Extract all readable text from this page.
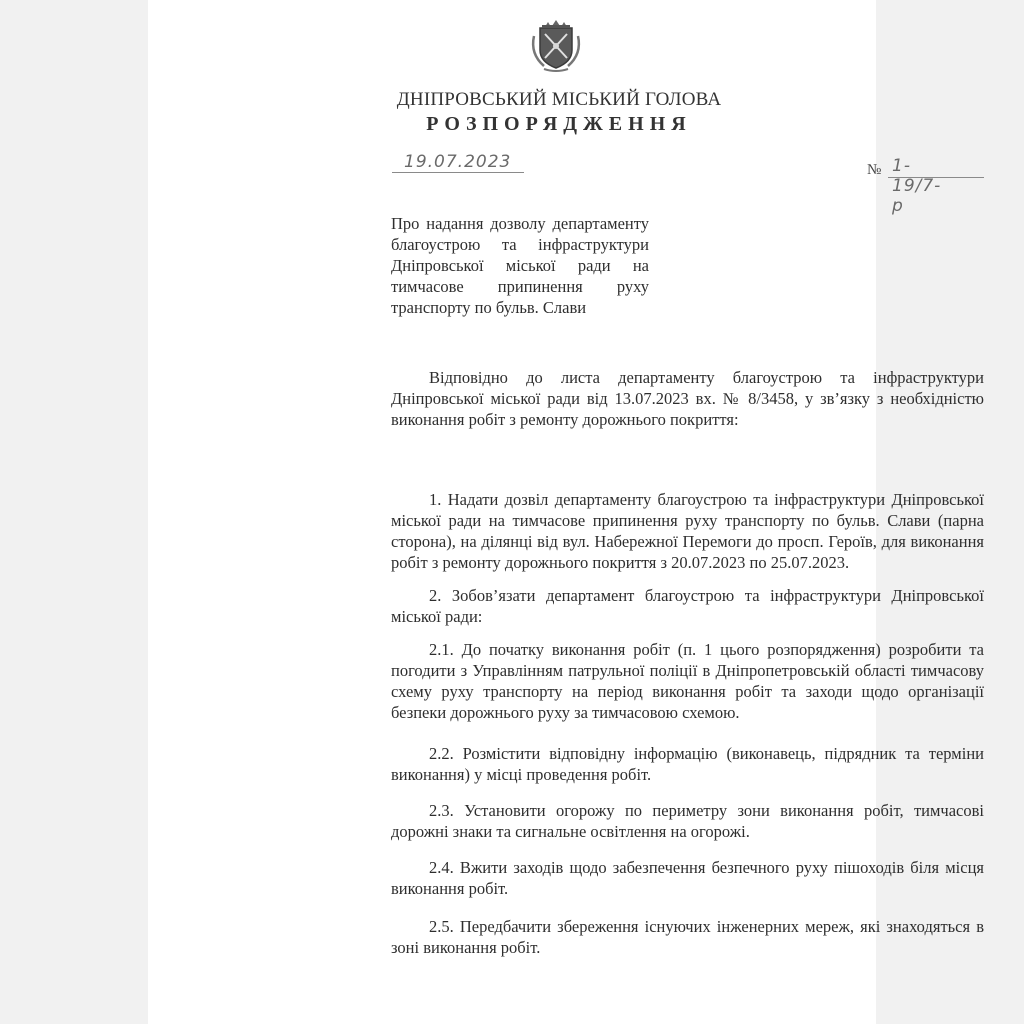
ДНІПРОВСЬКИЙ МІСЬКИЙ ГОЛОВА
РОЗПОРЯДЖЕННЯ
19.07.2023	№ 1-19/7-р
Про надання дозволу департаменту благоустрою та інфраструктури Дніпровської міської ради на тимчасове припинення руху транспорту по бульв. Слави
Відповідно до листа департаменту благоустрою та інфраструктури Дніпровської міської ради від 13.07.2023 вх. № 8/3458, у зв’язку з необхідністю виконання робіт з ремонту дорожнього покриття:
1. Надати дозвіл департаменту благоустрою та інфраструктури Дніпровської міської ради на тимчасове припинення руху транспорту по бульв. Слави (парна сторона), на ділянці від вул. Набережної Перемоги до просп. Героїв, для виконання робіт з ремонту дорожнього покриття з 20.07.2023 по 25.07.2023.
2. Зобов’язати департамент благоустрою та інфраструктури Дніпровської міської ради:
2.1. До початку виконання робіт (п. 1 цього розпорядження) розробити та погодити з Управлінням патрульної поліції в Дніпропетровській області тимчасову схему руху транспорту на період виконання робіт та заходи щодо організації безпеки дорожнього руху за тимчасовою схемою.
2.2. Розмістити відповідну інформацію (виконавець, підрядник та терміни виконання) у місці проведення робіт.
2.3. Установити огорожу по периметру зони виконання робіт, тимчасові дорожні знаки та сигнальне освітлення на огорожі.
2.4. Вжити заходів щодо забезпечення безпечного руху пішоходів біля місця виконання робіт.
2.5. Передбачити збереження існуючих інженерних мереж, які знаходяться в зоні виконання робіт.
